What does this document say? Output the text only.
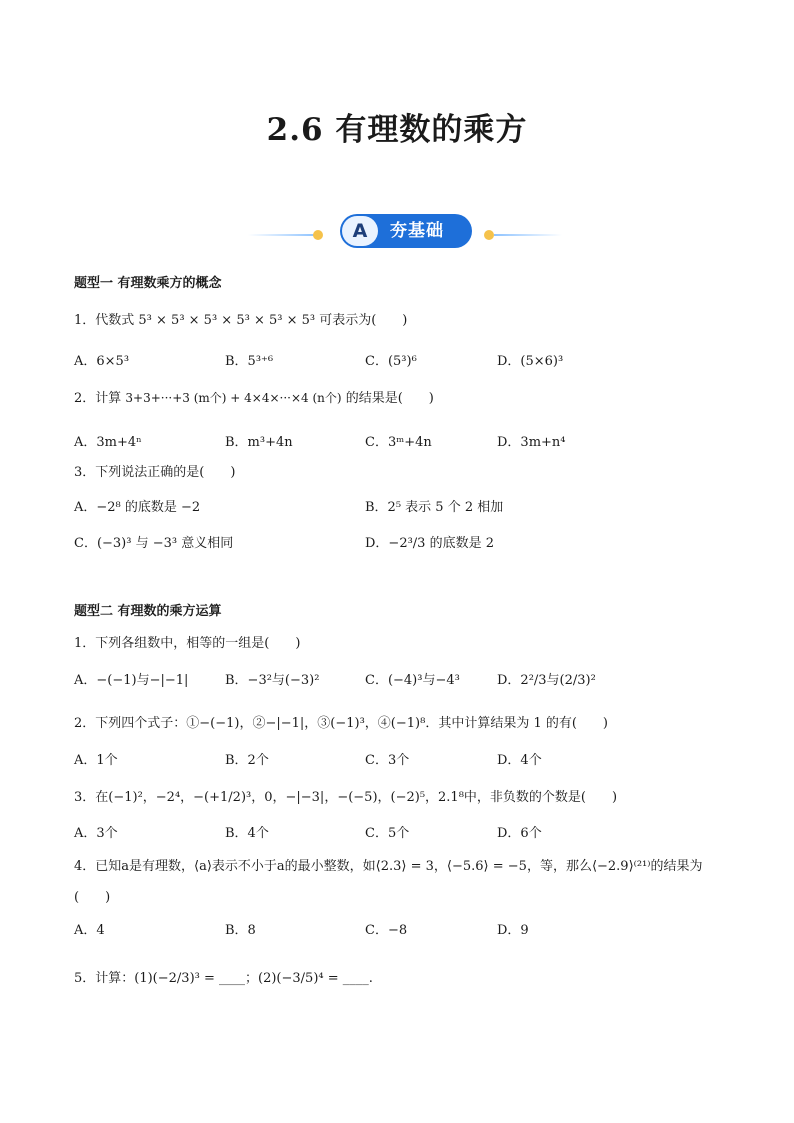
2.6 有理数的乘方
A	夯基础
题型一 有理数乘方的概念
1．代数式 5³ × 5³ × 5³ × 5³ × 5³ × 5³ 可表示为(　　)
A．6×5³	B．5³⁺⁶	C．(5³)⁶	D．(5×6)³
2．计算 3+3+···+3 (m个) + 4×4×···×4 (n个) 的结果是(　　)
A．3m+4ⁿ	B．m³+4n	C．3ᵐ+4n	D．3m+n⁴
3．下列说法正确的是(　　)
A．−2⁸ 的底数是 −2	B．2⁵ 表示 5 个 2 相加
C．(−3)³ 与 −3³ 意义相同	D．−2³/3 的底数是 2
题型二 有理数的乘方运算
1．下列各组数中，相等的一组是(　　)
A．−(−1)与−|−1|	B．−3²与(−3)²	C．(−4)³与−4³	D．2²/3与(2/3)²
2．下列四个式子：①−(−1)，②−|−1|，③(−1)³，④(−1)⁸．其中计算结果为 1 的有(　　)
A．1个	B．2个	C．3个	D．4个
3．在(−1)²，−2⁴，−(+1/2)³，0，−|−3|，−(−5)，(−2)⁵，2.1⁸中，非负数的个数是(　　)
A．3个	B．4个	C．5个	D．6个
4．已知a是有理数，⟨a⟩表示不小于a的最小整数，如⟨2.3⟩ = 3，⟨−5.6⟩ = −5，等，那么⟨−2.9⟩⁽²¹⁾的结果为
(　　)
A．4	B．8	C．−8	D．9
5．计算：(1)(−2/3)³ = ____；(2)(−3/5)⁴ = ____.
